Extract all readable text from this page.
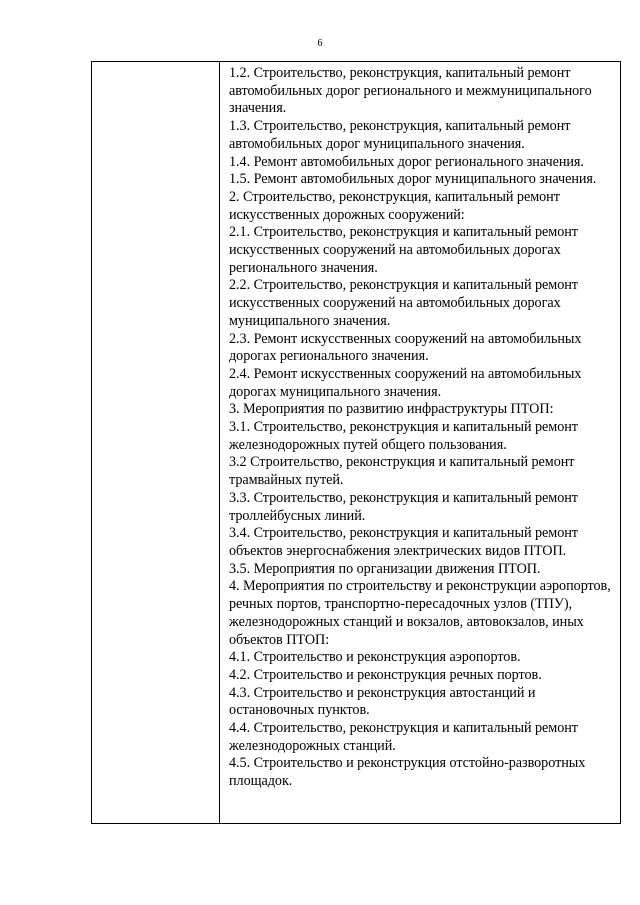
6

1.2. Строительство, реконструкция, капитальный ремонт автомобильных дорог регионального и межмуниципального значения.

1.3. Строительство, реконструкция, капитальный ремонт автомобильных дорог муниципального значения.

1.4. Ремонт автомобильных дорог регионального значения.

1.5. Ремонт автомобильных дорог муниципального значения.

2. Строительство, реконструкция, капитальный ремонт искусственных дорожных сооружений:

2.1. Строительство, реконструкция и капитальный ремонт искусственных сооружений на автомобильных дорогах регионального значения.

2.2. Строительство, реконструкция и капитальный ремонт искусственных сооружений на автомобильных дорогах муниципального значения.

2.3. Ремонт искусственных сооружений на автомобильных дорогах регионального значения.

2.4. Ремонт искусственных сооружений на автомобильных дорогах муниципального значения.

3. Мероприятия по развитию инфраструктуры ПТОП:

3.1. Строительство, реконструкция и капитальный ремонт железнодорожных путей общего пользования.

3.2 Строительство, реконструкция и капитальный ремонт трамвайных путей.

3.3. Строительство, реконструкция и капитальный ремонт троллейбусных линий.

3.4. Строительство, реконструкция и капитальный ремонт объектов энергоснабжения электрических видов ПТОП.

3.5. Мероприятия по организации движения ПТОП.

4. Мероприятия по строительству и реконструкции аэропортов, речных портов, транспортно-пересадочных узлов (ТПУ), железнодорожных станций и вокзалов, автовокзалов, иных объектов ПТОП:

4.1. Строительство и реконструкция аэропортов.

4.2. Строительство и реконструкция речных портов.

4.3. Строительство и реконструкция автостанций и остановочных пунктов.

4.4. Строительство, реконструкция и капитальный ремонт железнодорожных станций.

4.5. Строительство и реконструкция отстойно-разворотных площадок.
